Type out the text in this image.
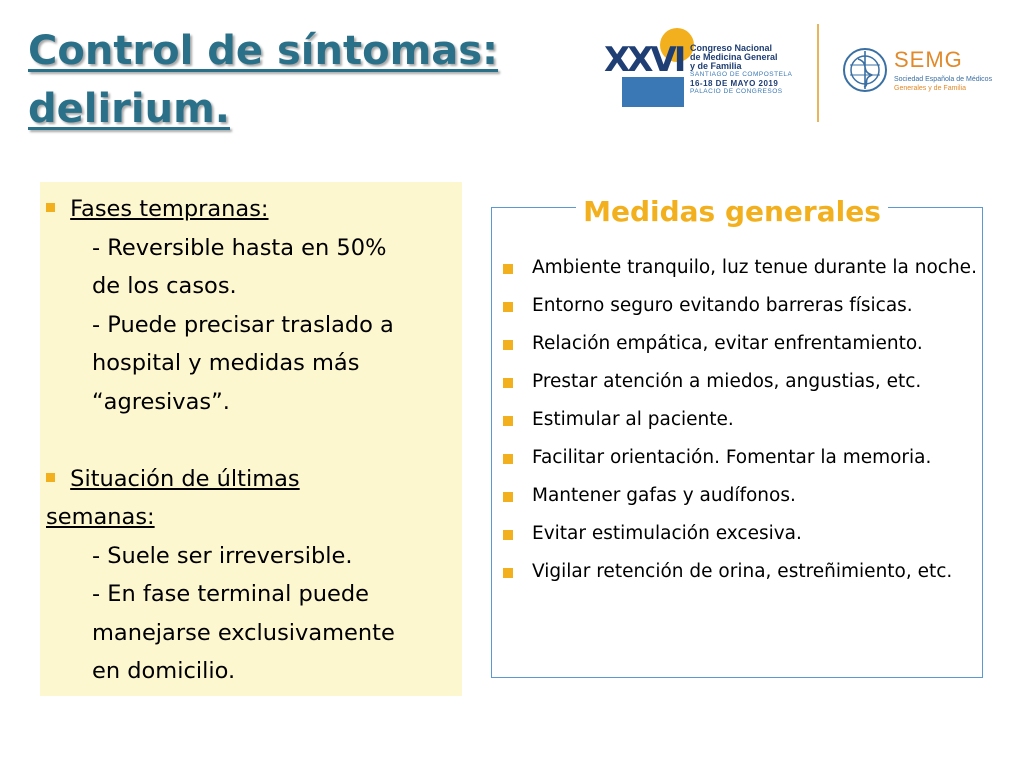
Control de síntomas:
delirium.
XXVI Congreso Nacional
de Medicina General
y de Familia
SANTIAGO DE COMPOSTELA
16-18 DE MAYO 2019
PALACIO DE CONGRESOS
SEMG
Sociedad Española de Médicos
Generales y de Familia
Fases tempranas:
- Reversible hasta en 50%
de los casos.
- Puede precisar traslado a
hospital y medidas más
“agresivas”.

Situación de últimas
semanas:
- Suele ser irreversible.
- En fase terminal puede
manejarse exclusivamente
en domicilio.
Medidas generales
Ambiente tranquilo, luz tenue durante la noche.
Entorno seguro evitando barreras físicas.
Relación empática, evitar enfrentamiento.
Prestar atención a miedos, angustias, etc.
Estimular al paciente.
Facilitar orientación. Fomentar la memoria.
Mantener gafas y audífonos.
Evitar estimulación excesiva.
Vigilar retención de orina, estreñimiento, etc.
